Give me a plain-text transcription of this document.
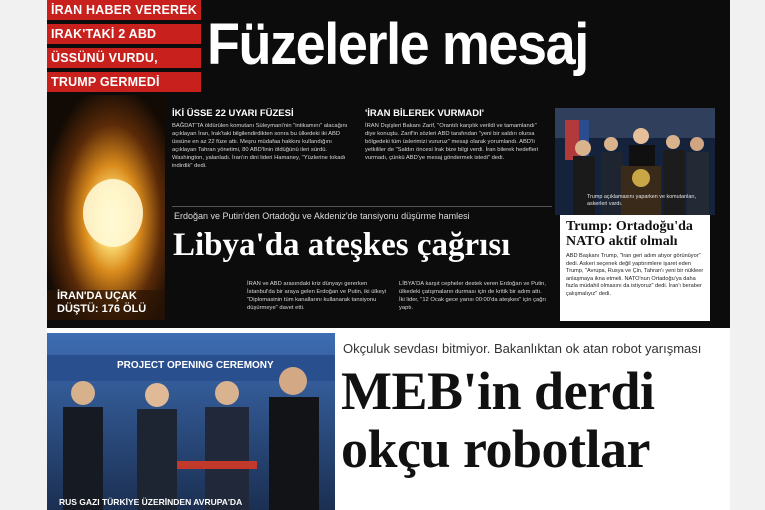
İRAN HABER VEREREK
IRAK'TAKİ 2 ABD
ÜSSÜNÜ VURDU,
TRUMP GERMEDİ
Füzelerle mesaj
İRAN'DA UÇAK DÜŞTÜ: 176 ÖLÜ
İKİ ÜSSE 22 UYARI FÜZESİ
BAĞDAT'TA öldürülen komutanı Süleymani'nin "intikamını" alacağını açıklayan İran, Irak'taki bilgilendirdikten sonra bu ülkedeki iki ABD üssüne en az 22 füze attı. Meşru müdafaa hakkını kullandığını açıklayan Tahran yönetimi, 80 ABD'linin öldüğünü ileri sürdü. Washington, yalanladı. İran'ın dini lideri Hamaney, "Yüzlerine tokadı indirdik" dedi.
'İRAN BİLEREK VURMADI'
İRAN Dışişleri Bakanı Zarif, "Orantılı karşılık verildi ve tamamlandı" diye konuştu. Zarif'in sözleri ABD tarafından "yeni bir saldırı olursa bölgedeki tüm üslerimizi vururuz" mesajı olarak yorumlandı. ABD'li yetkililer de "Saldırı öncesi Irak bize bilgi verdi. İran bilerek hedefleri vurmadı, çünkü ABD'ye mesaj göndermek istedi" dedi.
Trump açıklamasını yaparken ve komutanları, askerleri vardı.
Trump: Ortadoğu'da NATO aktif olmalı
ABD Başkanı Trump, "İran geri adım atıyor görünüyor" dedi. Askeri seçenek değil yaptırımlere işaret eden Trump, "Avrupa, Rusya ve Çin, Tahran'ı yeni bir nükleer anlaşmaya ikna etmeli. NATO'nun Ortadoğu'ya daha fazla müdahil olmasını da istiyoruz" dedi. İran'ı beraber çalışmalıyız" dedi.
Erdoğan ve Putin'den Ortadoğu ve Akdeniz'de tansiyonu düşürme hamlesi
Libya'da ateşkes çağrısı
İRAN ve ABD arasındaki kriz dünyayı gererken İstanbul'da bir araya gelen Erdoğan ve Putin, iki ülkeyi "Diplomasinin tüm kanallarını kullanarak tansiyonu düşürmeye" davet etti.
LİBYA'DA karşıt cepheler destek veren Erdoğan ve Putin, ülkedeki çatışmaların durması için de kritik bir adım attı. İki lider, "12 Ocak gece yarısı 00:00'da ateşkes" için çağrı yaptı.
PROJECT OPENING CEREMONY
RUS GAZI TÜRKİYE ÜZERİNDEN AVRUPA'DA
Okçuluk sevdası bitmiyor. Bakanlıktan ok atan robot yarışması
MEB'in derdi
okçu robotlar
